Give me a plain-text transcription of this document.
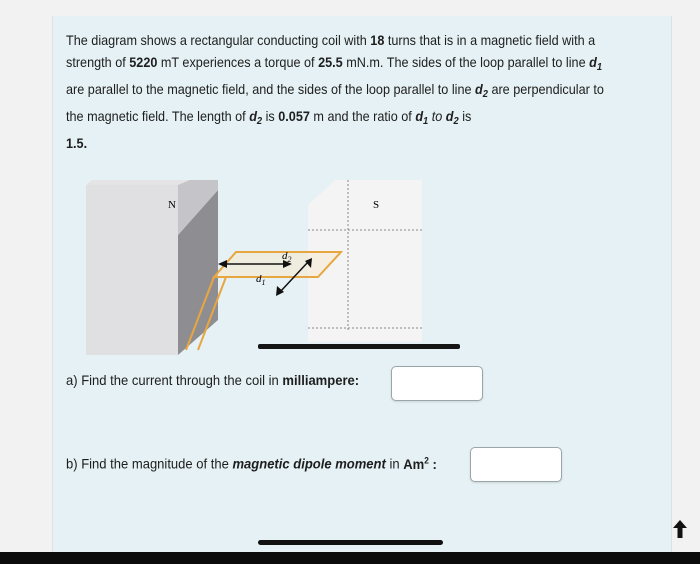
The diagram shows a rectangular conducting coil with 18 turns that is in a magnetic field with a strength of 5220 mT experiences a torque of 25.5 mN.m. The sides of the loop parallel to line $d_1$ are parallel to the magnetic field, and the sides of the loop parallel to line $d_2$ are perpendicular to the magnetic field. The length of $d_2$ is 0.057 m and the ratio of $d_1$ to $d_2$ is
1.5.
N	S
$d_2$
$d_1$
a) Find the current through the coil in milliampere:
b) Find the magnitude of the magnetic dipole moment in Am$^2$ :
